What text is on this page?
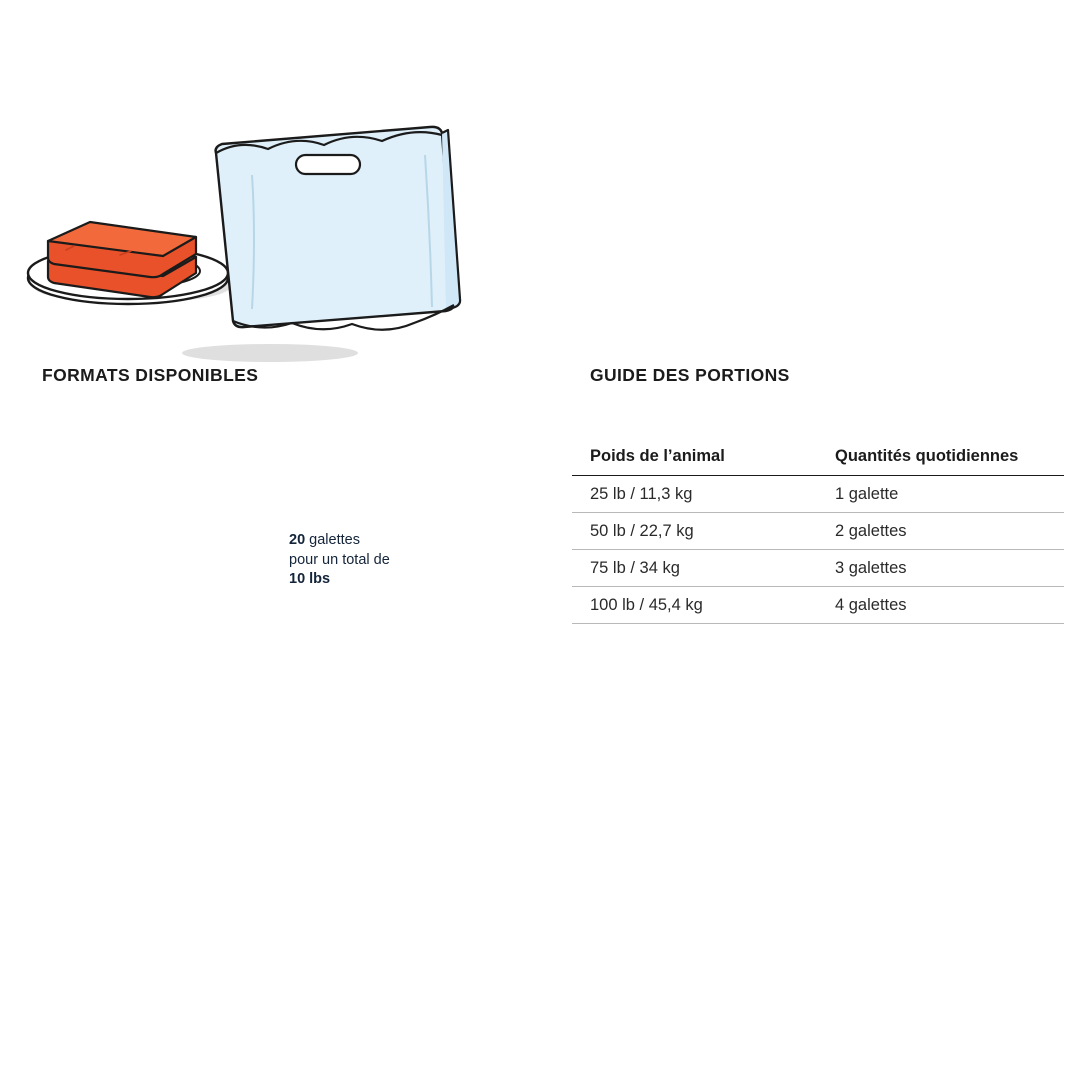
FORMATS DISPONIBLES
1/2 lbs
(227 g)
20 galettes
pour un total de
10 lbs
GUIDE DES PORTIONS
Poids de l’animal	Quantités quotidiennes
25 lb / 11,3 kg	1 galette
50 lb / 22,7 kg	2 galettes
75 lb / 34 kg	3 galettes
100 lb / 45,4 kg	4 galettes
